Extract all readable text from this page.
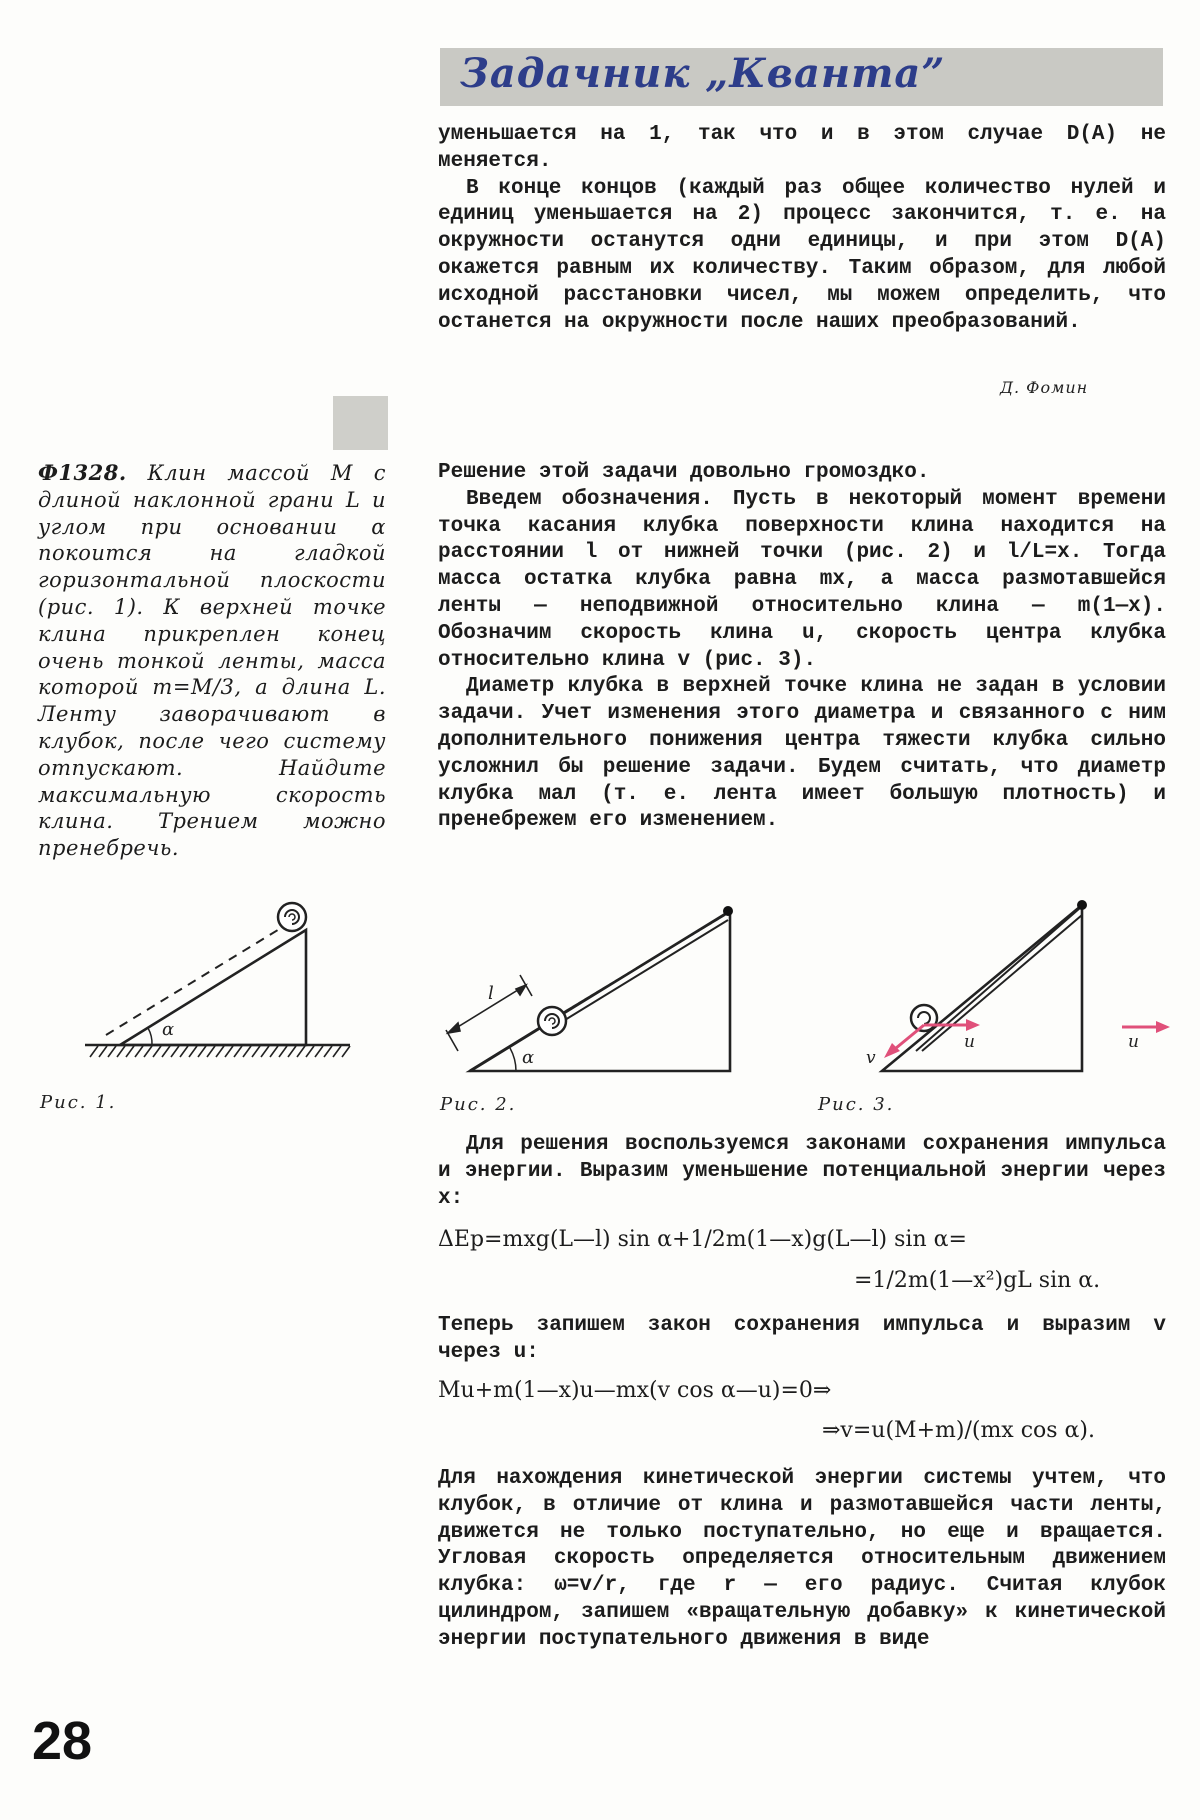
Задачник „Кванта”

уменьшается на 1, так что и в этом случае D(A) не меняется.

В конце концов (каждый раз общее количество нулей и единиц уменьшается на 2) процесс закончится, т. е. на окружности останутся одни единицы, и при этом D(A) окажется равным их количеству. Таким образом, для любой исходной расстановки чисел, мы можем определить, что останется на окружности после наших преобразований.

Д. Фомин
Ф1328. Клин массой M с длиной наклонной грани L и углом при основании α покоится на гладкой горизонтальной плоскости (рис. 1). К верхней точке клина прикреплен конец очень тонкой ленты, масса которой m=M/3, а длина L. Ленту заворачивают в клубок, после чего систему отпускают. Найдите максимальную скорость клина. Трением можно пренебречь.

Решение этой задачи довольно громоздко.

Введем обозначения. Пусть в некоторый момент времени точка касания клубка поверхности клина находится на расстоянии l от нижней точки (рис. 2) и l/L=x. Тогда масса остатка клубка равна mx, а масса размотавшейся ленты — неподвижной относительно клина — m(1—x). Обозначим скорость клина u, скорость центра клубка относительно клина v (рис. 3).

Диаметр клубка в верхней точке клина не задан в условии задачи. Учет изменения этого диаметра и связанного с ним дополнительного понижения центра тяжести клубка сильно усложнил бы решение задачи. Будем считать, что диаметр клубка мал (т. е. лента имеет большую плотность) и пренебрежем его изменением.

α
Рис. 1.
l
α
Рис. 2.
v
u	u
Рис. 3.

Для решения воспользуемся законами сохранения импульса и энергии. Выразим уменьшение потенциальной энергии через x:

ΔEp=mxg(L—l) sin α+1/2m(1—x)g(L—l) sin α=
=1/2m(1—x²)gL sin α.

Теперь запишем закон сохранения импульса и выразим v через u:

Mu+m(1—x)u—mx(v cos α—u)=0⇒
⇒v=u(M+m)/(mx cos α).

Для нахождения кинетической энергии системы учтем, что клубок, в отличие от клина и размотавшейся части ленты, движется не только поступательно, но еще и вращается. Угловая скорость определяется относительным движением клубка: ω=v/r, где r — его радиус. Считая клубок цилиндром, запишем «вращательную добавку» к кинетической энергии поступательного движения в виде

28
